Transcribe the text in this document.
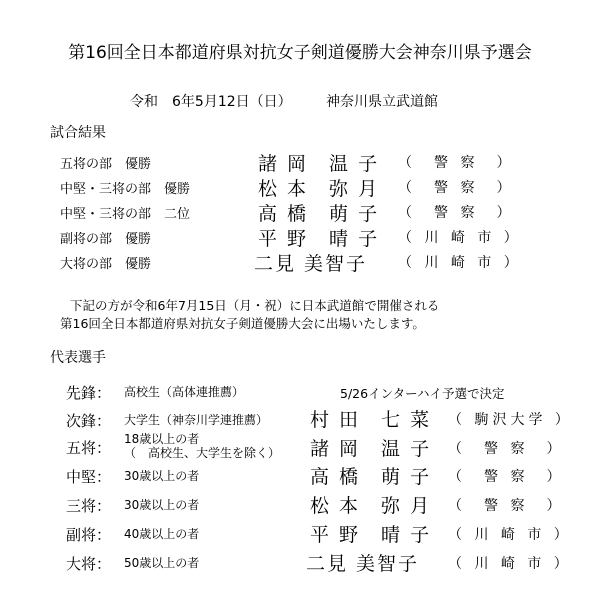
第16回全日本都道府県対抗女子剣道優勝大会神奈川県予選会
令和　6年5月12日（日） 神奈川県立武道館
試合結果
五将の部　優勝	諸 岡　温 子 （　警 察　）
中堅・三将の部　優勝	松 本　弥 月 （　警 察　）
中堅・三将の部　二位	高 橋　萌 子 （　警 察　）
副将の部　優勝	平 野　晴 子 （ 川 崎 市 ）
大将の部　優勝	二見 美智子 （ 川 崎 市 ）
下記の方が令和6年7月15日（月・祝）に日本武道館で開催される
第16回全日本都道府県対抗女子剣道優勝大会に出場いたします。
代表選手
先鋒： 高校生（高体連推薦）	5/26インターハイ予選で決定
次鋒： 大学生（神奈川学連推薦） 村 田　七 菜 （ 駒沢大学 ）
五将： 18歳以上の者
（　高校生、大学生を除く） 諸 岡　温 子 （　警 察　）
中堅： 30歳以上の者	高 橋　萌 子 （　警 察　）
三将： 30歳以上の者	松 本　弥 月 （　警 察　）
副将： 40歳以上の者	平 野　晴 子 （ 川 崎 市 ）
大将： 50歳以上の者	二見 美智子 （ 川 崎 市 ）
